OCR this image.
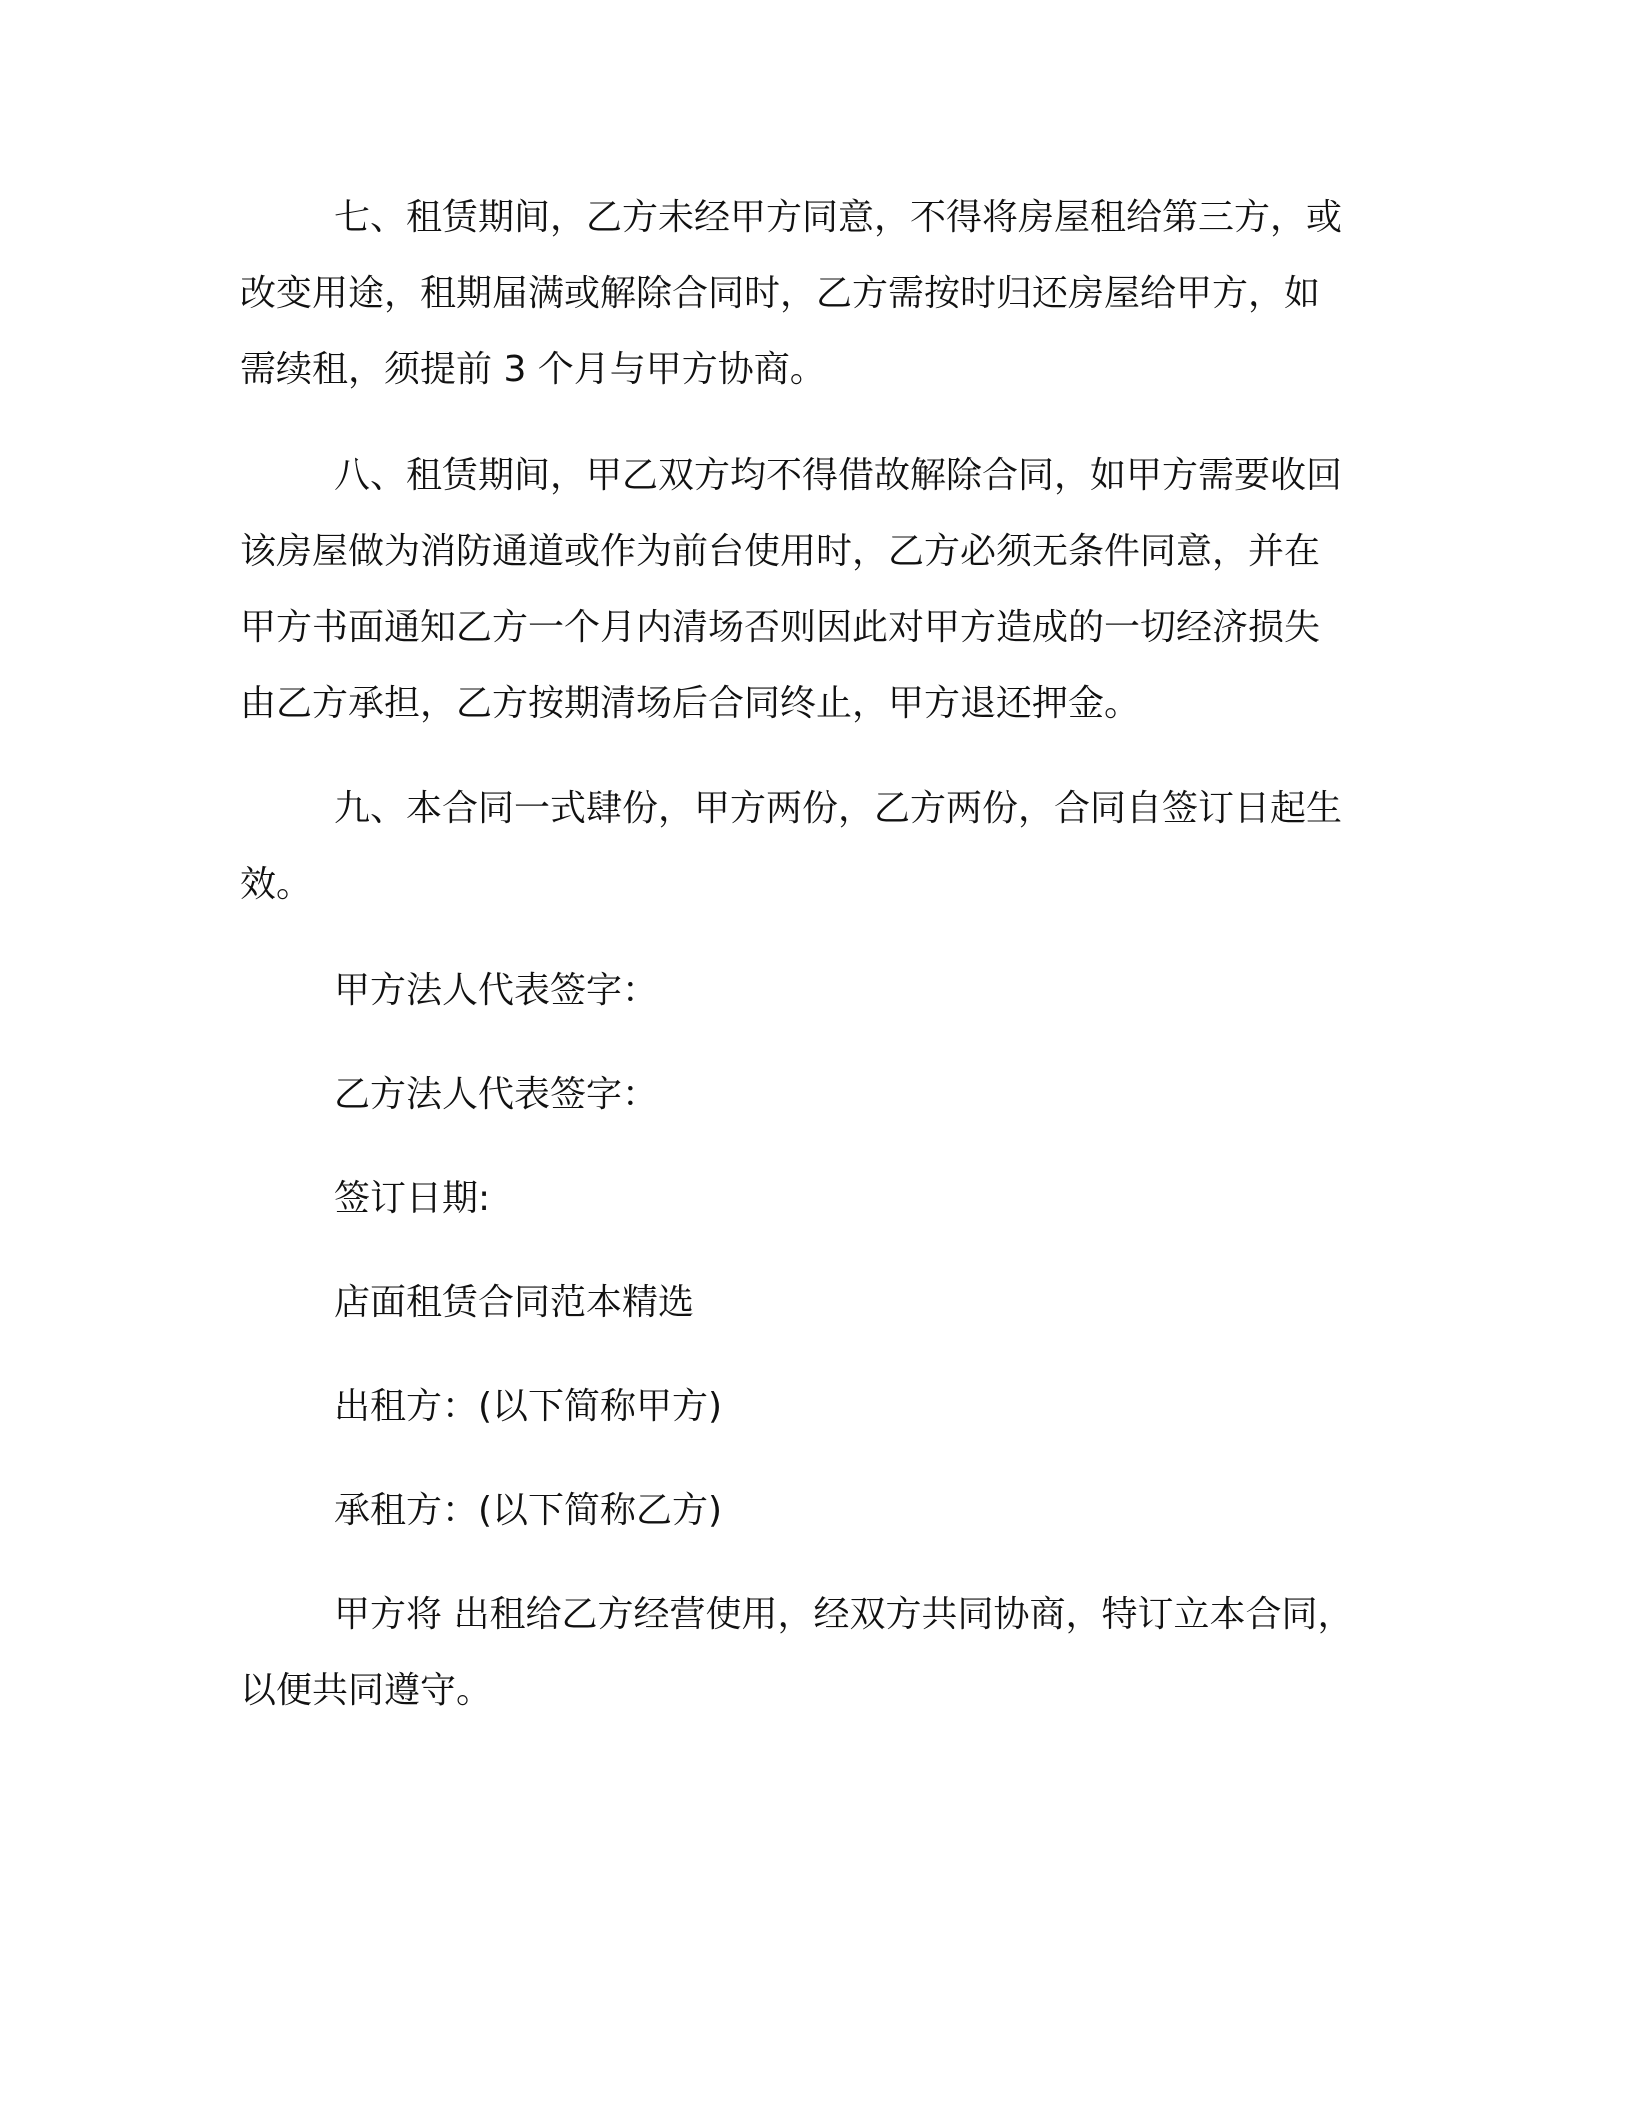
七、租赁期间，乙方未经甲方同意，不得将房屋租给第三方，或
改变用途，租期届满或解除合同时，乙方需按时归还房屋给甲方，如
需续租，须提前 3 个月与甲方协商。
八、租赁期间，甲乙双方均不得借故解除合同，如甲方需要收回
该房屋做为消防通道或作为前台使用时，乙方必须无条件同意，并在
甲方书面通知乙方一个月内清场否则因此对甲方造成的一切经济损失
由乙方承担，乙方按期清场后合同终止，甲方退还押金。
九、本合同一式肆份，甲方两份，乙方两份，合同自签订日起生
效。
甲方法人代表签字：
乙方法人代表签字：
签订日期:
店面租赁合同范本精选
出租方：(以下简称甲方)
承租方：(以下简称乙方)
甲方将 出租给乙方经营使用，经双方共同协商，特订立本合同，
以便共同遵守。
